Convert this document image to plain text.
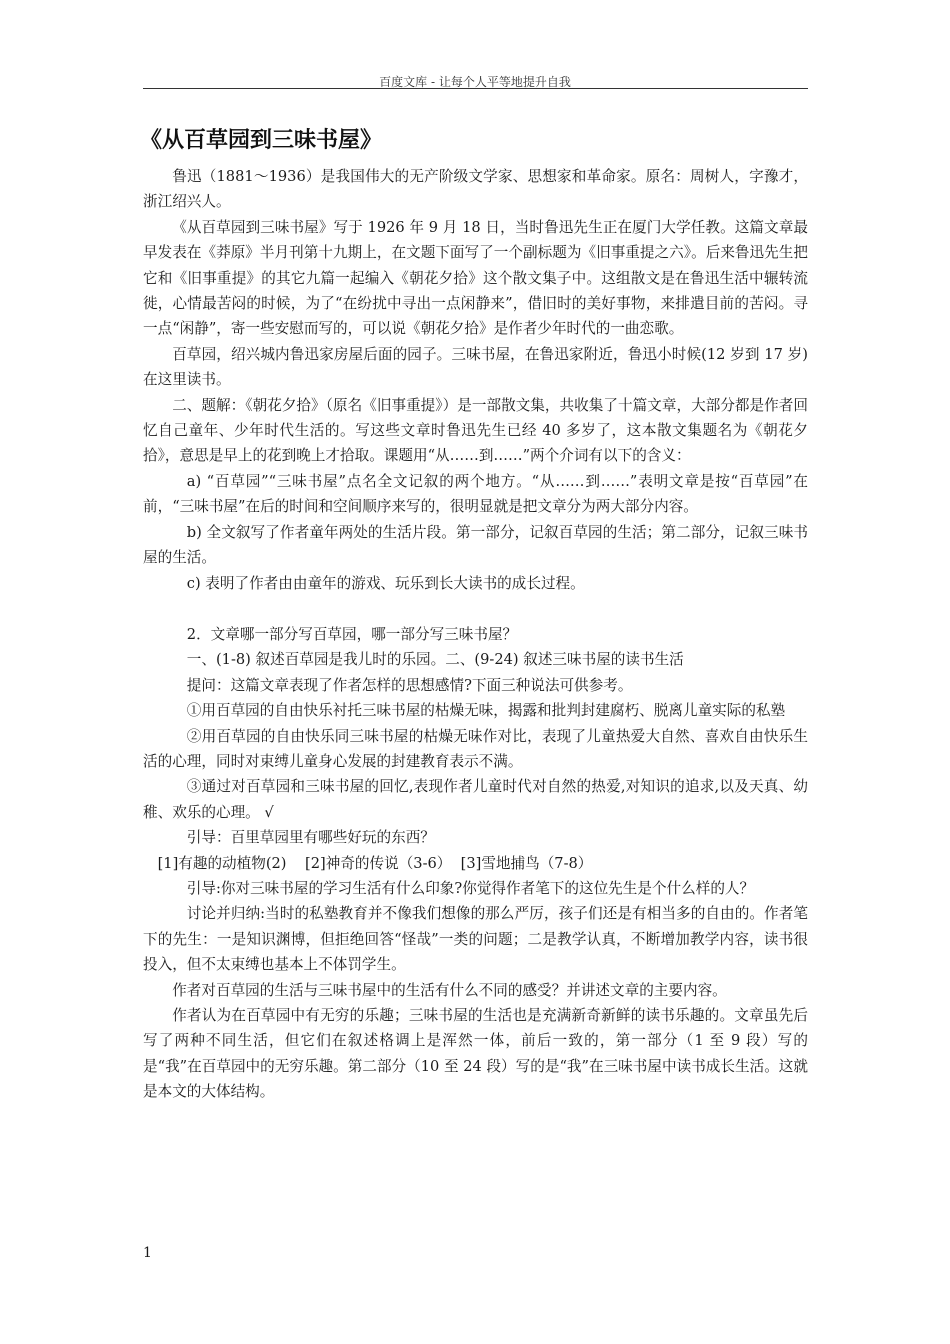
百度文库 - 让每个人平等地提升自我
《从百草园到三味书屋》

鲁迅（1881～1936）是我国伟大的无产阶级文学家、思想家和革命家。原名：周树人，字豫才，浙江绍兴人。

《从百草园到三味书屋》写于 1926 年 9 月 18 日，当时鲁迅先生正在厦门大学任教。这篇文章最早发表在《莽原》半月刊第十九期上，在文题下面写了一个副标题为《旧事重提之六》。后来鲁迅先生把它和《旧事重提》的其它九篇一起编入《朝花夕拾》这个散文集子中。这组散文是在鲁迅生活中辗转流徙，心情最苦闷的时候，为了“在纷扰中寻出一点闲静来”，借旧时的美好事物，来排遣目前的苦闷。寻一点“闲静”，寄一些安慰而写的，可以说《朝花夕拾》是作者少年时代的一曲恋歌。

百草园，绍兴城内鲁迅家房屋后面的园子。三味书屋，在鲁迅家附近，鲁迅小时候(12 岁到 17 岁)在这里读书。

二、题解：《朝花夕拾》（原名《旧事重提》）是一部散文集，共收集了十篇文章，大部分都是作者回忆自己童年、少年时代生活的。写这些文章时鲁迅先生已经 40 多岁了，这本散文集题名为《朝花夕拾》，意思是早上的花到晚上才拾取。课题用“从……到……”两个介词有以下的含义：

a) “百草园”“三味书屋”点名全文记叙的两个地方。“从……到……”表明文章是按“百草园”在前，“三味书屋”在后的时间和空间顺序来写的，很明显就是把文章分为两大部分内容。

b) 全文叙写了作者童年两处的生活片段。第一部分，记叙百草园的生活；第二部分，记叙三味书屋的生活。

c) 表明了作者由由童年的游戏、玩乐到长大读书的成长过程。

2．文章哪一部分写百草园，哪一部分写三味书屋？

一、(1-8) 叙述百草园是我儿时的乐园。二、(9-24) 叙述三味书屋的读书生活

提问：这篇文章表现了作者怎样的思想感情?下面三种说法可供参考。

①用百草园的自由快乐衬托三味书屋的枯燥无味，揭露和批判封建腐朽、脱离儿童实际的私塾

②用百草园的自由快乐同三味书屋的枯燥无味作对比，表现了儿童热爱大自然、喜欢自由快乐生活的心理，同时对束缚儿童身心发展的封建教育表示不满。

③通过对百草园和三味书屋的回忆,表现作者儿童时代对自然的热爱,对知识的追求,以及天真、幼稚、欢乐的心理。 √

引导：百里草园里有哪些好玩的东西？

[1]有趣的动植物(2)    [2]神奇的传说（3-6）  [3]雪地捕鸟（7-8）

引导:你对三味书屋的学习生活有什么印象?你觉得作者笔下的这位先生是个什么样的人？

讨论并归纳:当时的私塾教育并不像我们想像的那么严厉，孩子们还是有相当多的自由的。作者笔下的先生：一是知识渊博，但拒绝回答“怪哉”一类的问题；二是教学认真，不断增加教学内容，读书很投入，但不太束缚也基本上不体罚学生。

作者对百草园的生活与三味书屋中的生活有什么不同的感受？并讲述文章的主要内容。

作者认为在百草园中有无穷的乐趣；三味书屋的生活也是充满新奇新鲜的读书乐趣的。文章虽先后写了两种不同生活，但它们在叙述格调上是浑然一体，前后一致的，第一部分（1 至 9 段）写的是“我”在百草园中的无穷乐趣。第二部分（10 至 24 段）写的是“我”在三味书屋中读书成长生活。这就是本文的大体结构。

1
